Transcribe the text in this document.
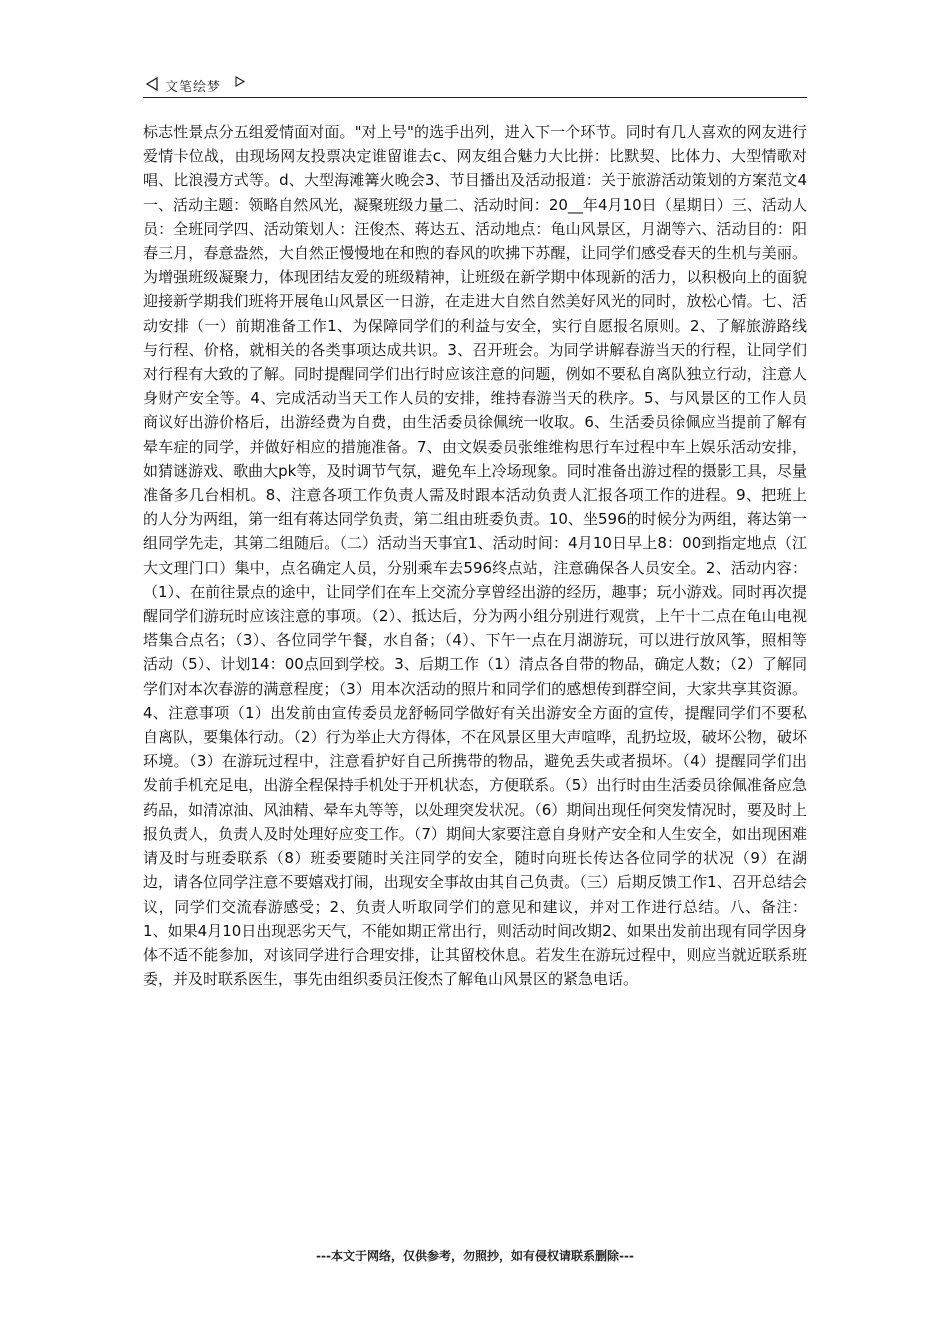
文笔绘梦

标志性景点分五组爱情面对面。"对上号"的选手出列，进入下一个环节。同时有几人喜欢的网友进行爱情卡位战，由现场网友投票决定谁留谁去c、网友组合魅力大比拼：比默契、比体力、大型情歌对唱、比浪漫方式等。d、大型海滩篝火晚会3、节目播出及活动报道：关于旅游活动策划的方案范文4一、活动主题：领略自然风光，凝聚班级力量二、活动时间：20__年4月10日（星期日）三、活动人员：全班同学四、活动策划人：汪俊杰、蒋达五、活动地点：龟山风景区，月湖等六、活动目的：阳春三月，春意盎然，大自然正慢慢地在和煦的春风的吹拂下苏醒，让同学们感受春天的生机与美丽。为增强班级凝聚力，体现团结友爱的班级精神，让班级在新学期中体现新的活力，以积极向上的面貌迎接新学期我们班将开展龟山风景区一日游，在走进大自然自然美好风光的同时，放松心情。七、活动安排（一）前期准备工作1、为保障同学们的利益与安全，实行自愿报名原则。2、了解旅游路线与行程、价格，就相关的各类事项达成共识。3、召开班会。为同学讲解春游当天的行程，让同学们对行程有大致的了解。同时提醒同学们出行时应该注意的问题，例如不要私自离队独立行动，注意人身财产安全等。4、完成活动当天工作人员的安排，维持春游当天的秩序。5、与风景区的工作人员商议好出游价格后，出游经费为自费，由生活委员徐佩统一收取。6、生活委员徐佩应当提前了解有晕车症的同学，并做好相应的措施准备。7、由文娱委员张维维构思行车过程中车上娱乐活动安排，如猜谜游戏、歌曲大pk等，及时调节气氛，避免车上冷场现象。同时准备出游过程的摄影工具，尽量准备多几台相机。8、注意各项工作负责人需及时跟本活动负责人汇报各项工作的进程。9、把班上的人分为两组，第一组有蒋达同学负责，第二组由班委负责。10、坐596的时候分为两组，蒋达第一组同学先走，其第二组随后。（二）活动当天事宜1、活动时间：4月10日早上8：00到指定地点（江大文理门口）集中，点名确定人员，分别乘车去596终点站，注意确保各人员安全。2、活动内容：（1）、在前往景点的途中，让同学们在车上交流分享曾经出游的经历，趣事；玩小游戏。同时再次提醒同学们游玩时应该注意的事项。（2）、抵达后，分为两小组分别进行观赏，上午十二点在龟山电视塔集合点名；（3）、各位同学午餐，水自备；（4）、下午一点在月湖游玩，可以进行放风筝，照相等活动（5）、计划14：00点回到学校。3、后期工作（1）清点各自带的物品，确定人数；（2）了解同学们对本次春游的满意程度；（3）用本次活动的照片和同学们的感想传到群空间，大家共享其资源。4、注意事项（1）出发前由宣传委员龙舒畅同学做好有关出游安全方面的宣传，提醒同学们不要私自离队，要集体行动。（2）行为举止大方得体，不在风景区里大声喧哗，乱扔垃圾，破坏公物，破坏环境。（3）在游玩过程中，注意看护好自己所携带的物品，避免丢失或者损坏。（4）提醒同学们出发前手机充足电，出游全程保持手机处于开机状态，方便联系。（5）出行时由生活委员徐佩准备应急药品，如清凉油、风油精、晕车丸等等，以处理突发状况。（6）期间出现任何突发情况时，要及时上报负责人，负责人及时处理好应变工作。（7）期间大家要注意自身财产安全和人生安全，如出现困难请及时与班委联系（8）班委要随时关注同学的安全，随时向班长传达各位同学的状况（9）在湖边，请各位同学注意不要嬉戏打闹，出现安全事故由其自己负责。（三）后期反馈工作1、召开总结会议，同学们交流春游感受；2、负责人听取同学们的意见和建议，并对工作进行总结。八、备注：1、如果4月10日出现恶劣天气，不能如期正常出行，则活动时间改期2、如果出发前出现有同学因身体不适不能参加，对该同学进行合理安排，让其留校休息。若发生在游玩过程中，则应当就近联系班委，并及时联系医生，事先由组织委员汪俊杰了解龟山风景区的紧急电话。

---本文于网络，仅供参考，勿照抄，如有侵权请联系删除---
